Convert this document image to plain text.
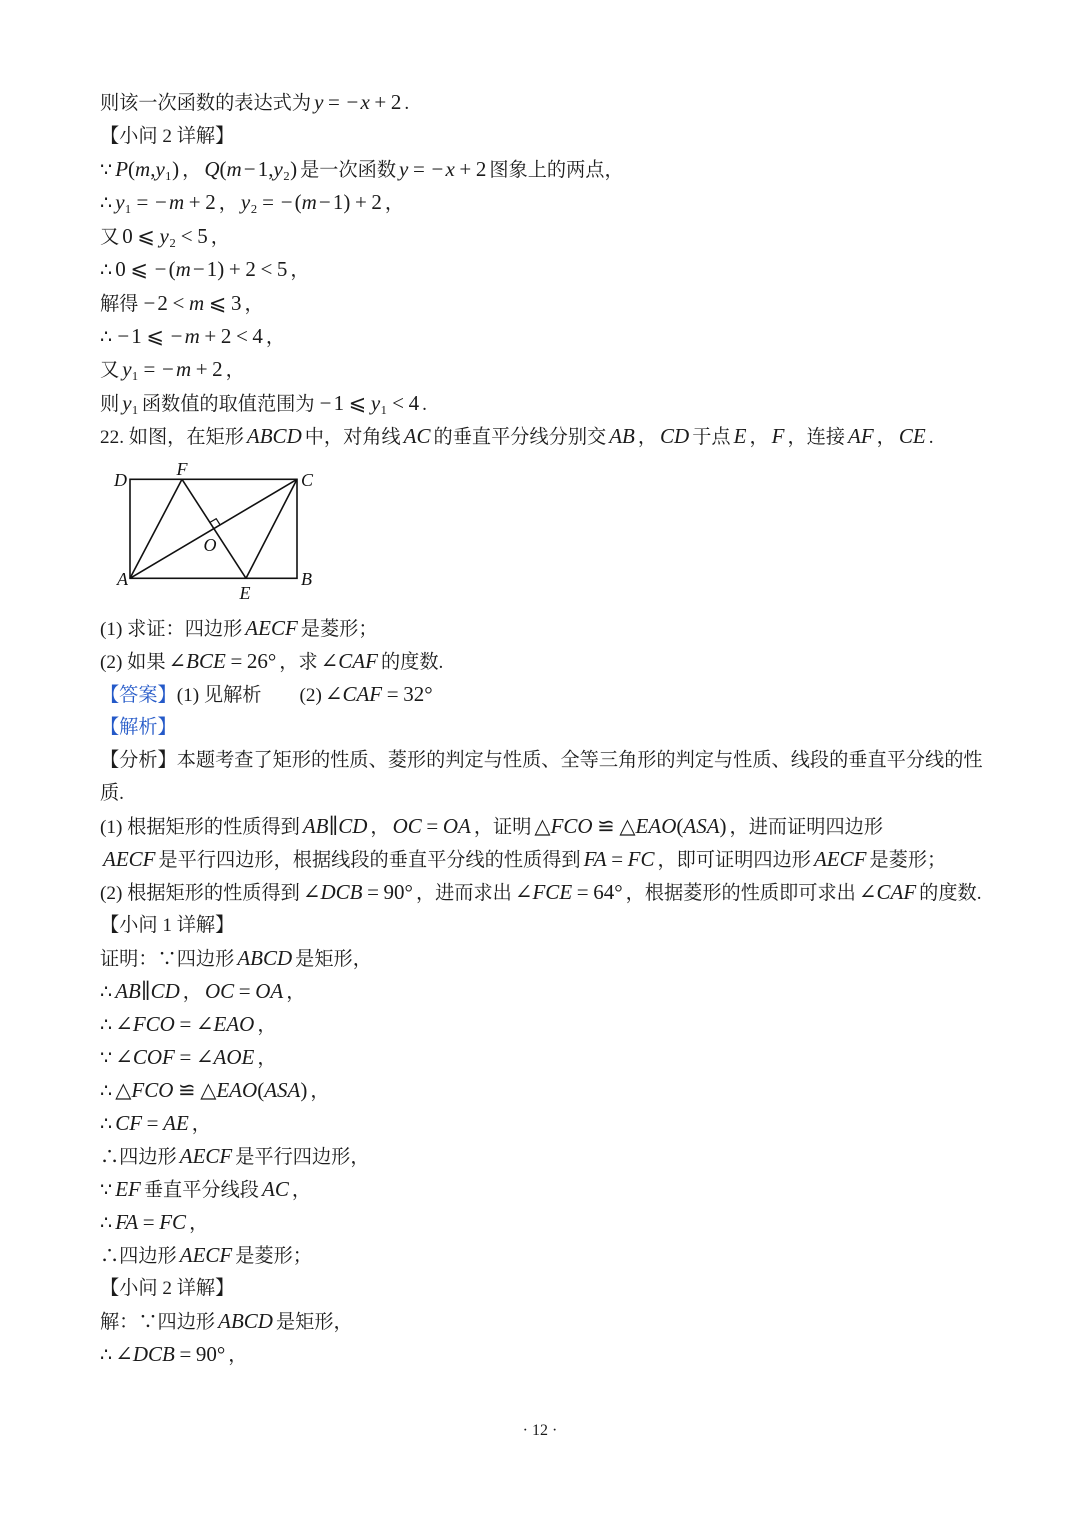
则该一次函数的表达式为 y = −x + 2 .
【小问 2 详解】
∵ P(m,y₁) ， Q(m−1,y₂) 是一次函数 y = −x + 2 图象上的两点，
∴ y₁ = −m + 2 ， y₂ = −(m−1) + 2 ，
又 0 ⩽ y₂ < 5 ，
∴ 0 ⩽ −(m−1) + 2 < 5 ，
解得 −2 < m ⩽ 3 ，
∴ −1 ⩽ −m + 2 < 4 ，
又 y₁ = −m + 2 ，
则 y₁ 函数值的取值范围为 −1 ⩽ y₁ < 4 .
22. 如图，在矩形 ABCD 中，对角线 AC 的垂直平分线分别交 AB ， CD 于点 E ， F ，连接 AF ， CE .
D
F
C
O
A
E
B
(1) 求证：四边形 AECF 是菱形；
(2) 如果 ∠BCE = 26° ，求 ∠CAF 的度数.
【答案】(1) 见解析 (2) ∠CAF = 32°
【解析】
【分析】本题考查了矩形的性质、菱形的判定与性质、全等三角形的判定与性质、线段的垂直平分线的性
质.
(1) 根据矩形的性质得到 AB∥CD ， OC = OA ，证明 △FCO ≌ △EAO(ASA) ，进而证明四边形
AECF 是平行四边形，根据线段的垂直平分线的性质得到 FA = FC ，即可证明四边形 AECF 是菱形；
(2) 根据矩形的性质得到 ∠DCB = 90° ，进而求出 ∠FCE = 64° ，根据菱形的性质即可求出 ∠CAF 的度数.
【小问 1 详解】
证明：∵四边形 ABCD 是矩形，
∴ AB∥CD ， OC = OA ，
∴ ∠FCO = ∠EAO ，
∵ ∠COF = ∠AOE ，
∴ △FCO ≌ △EAO(ASA) ，
∴ CF = AE ，
∴四边形 AECF 是平行四边形，
∵ EF 垂直平分线段 AC ，
∴ FA = FC ，
∴四边形 AECF 是菱形；
【小问 2 详解】
解：∵四边形 ABCD 是矩形，
∴ ∠DCB = 90° ，
· 12 ·
